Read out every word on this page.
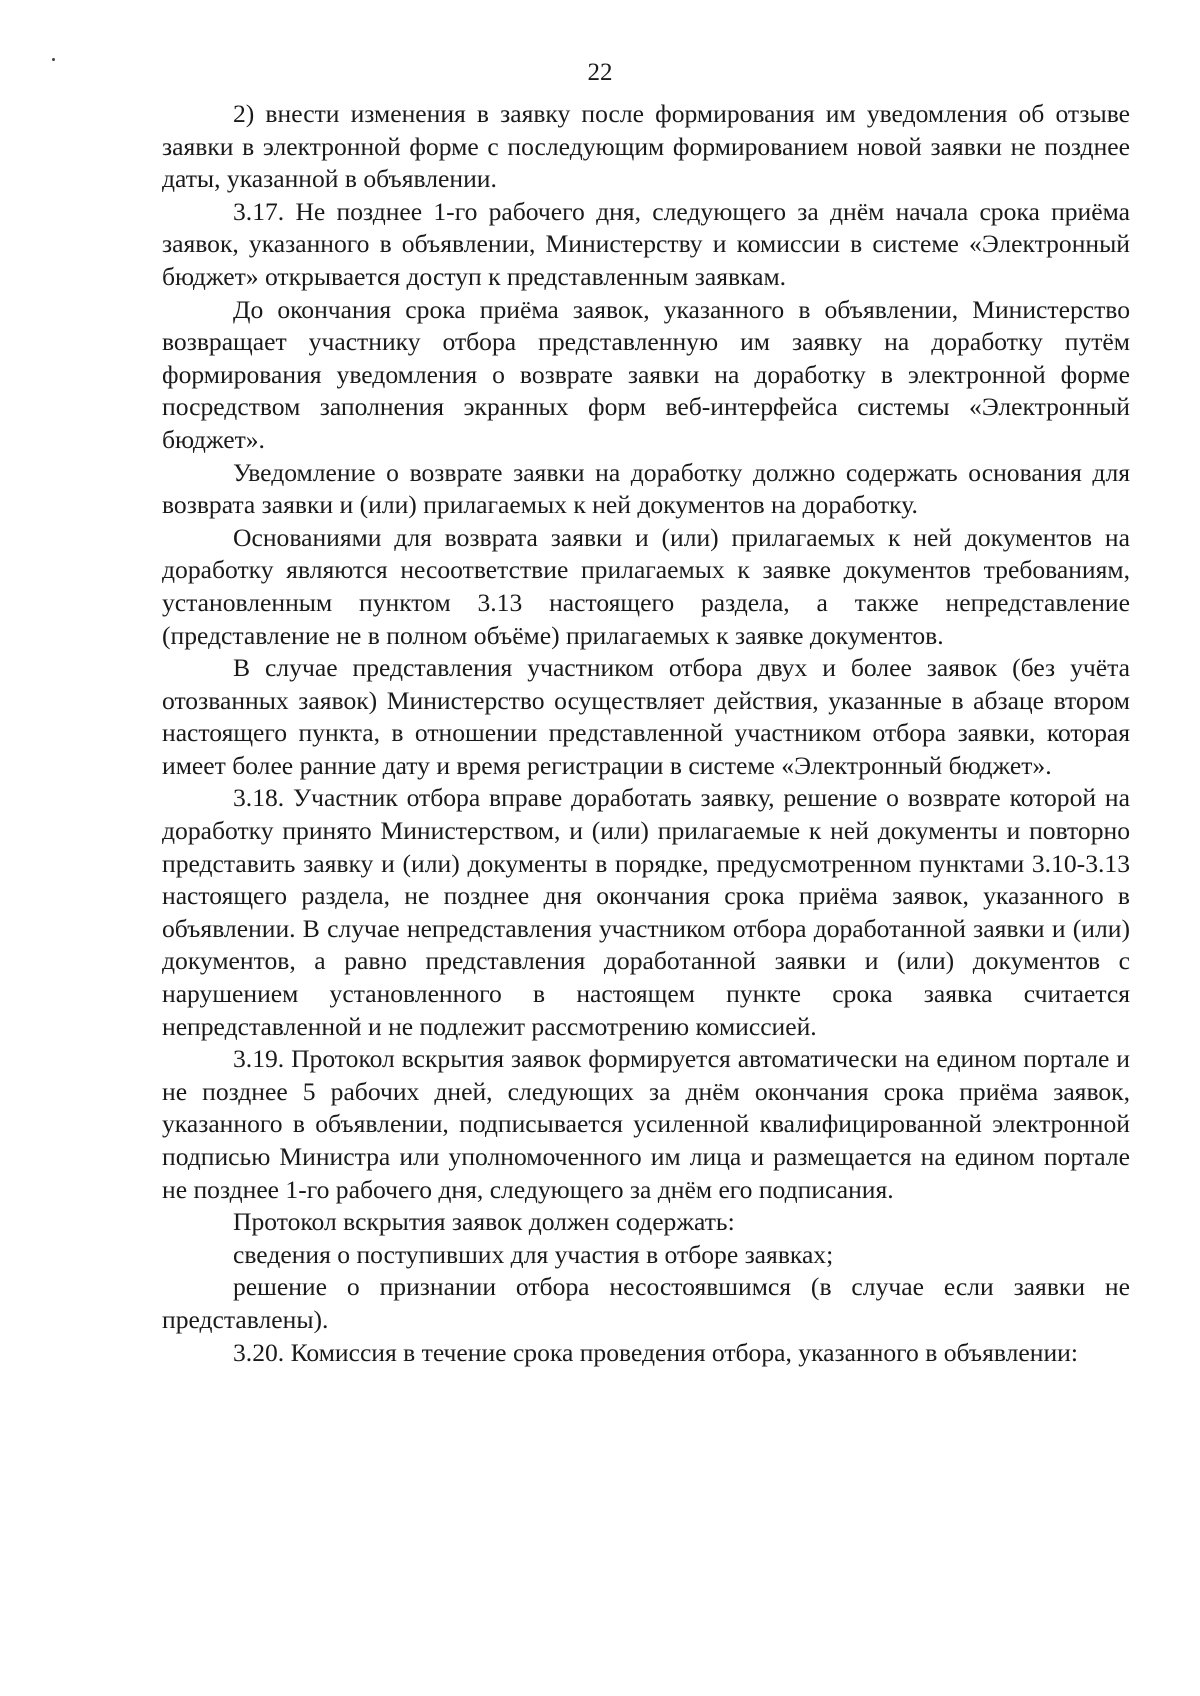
22

2) внести изменения в заявку после формирования им уведомления об отзыве заявки в электронной форме с последующим формированием новой заявки не позднее даты, указанной в объявлении.

3.17. Не позднее 1-го рабочего дня, следующего за днём начала срока приёма заявок, указанного в объявлении, Министерству и комиссии в системе «Электронный бюджет» открывается доступ к представленным заявкам.

До окончания срока приёма заявок, указанного в объявлении, Министерство возвращает участнику отбора представленную им заявку на доработку путём формирования уведомления о возврате заявки на доработку в электронной форме посредством заполнения экранных форм веб-интерфейса системы «Электронный бюджет».

Уведомление о возврате заявки на доработку должно содержать основания для возврата заявки и (или) прилагаемых к ней документов на доработку.

Основаниями для возврата заявки и (или) прилагаемых к ней документов на доработку являются несоответствие прилагаемых к заявке документов требованиям, установленным пунктом 3.13 настоящего раздела, а также непредставление (представление не в полном объёме) прилагаемых к заявке документов.

В случае представления участником отбора двух и более заявок (без учёта отозванных заявок) Министерство осуществляет действия, указанные в абзаце втором настоящего пункта, в отношении представленной участником отбора заявки, которая имеет более ранние дату и время регистрации в системе «Электронный бюджет».

3.18. Участник отбора вправе доработать заявку, решение о возврате которой на доработку принято Министерством, и (или) прилагаемые к ней документы и повторно представить заявку и (или) документы в порядке, предусмотренном пунктами 3.10-3.13 настоящего раздела, не позднее дня окончания срока приёма заявок, указанного в объявлении. В случае непредставления участником отбора доработанной заявки и (или) документов, а равно представления доработанной заявки и (или) документов с нарушением установленного в настоящем пункте срока заявка считается непредставленной и не подлежит рассмотрению комиссией.

3.19. Протокол вскрытия заявок формируется автоматически на едином портале и не позднее 5 рабочих дней, следующих за днём окончания срока приёма заявок, указанного в объявлении, подписывается усиленной квалифицированной электронной подписью Министра или уполномоченного им лица и размещается на едином портале не позднее 1-го рабочего дня, следующего за днём его подписания.

Протокол вскрытия заявок должен содержать:

сведения о поступивших для участия в отборе заявках;

решение о признании отбора несостоявшимся (в случае если заявки не представлены).

3.20. Комиссия в течение срока проведения отбора, указанного в объявлении:
